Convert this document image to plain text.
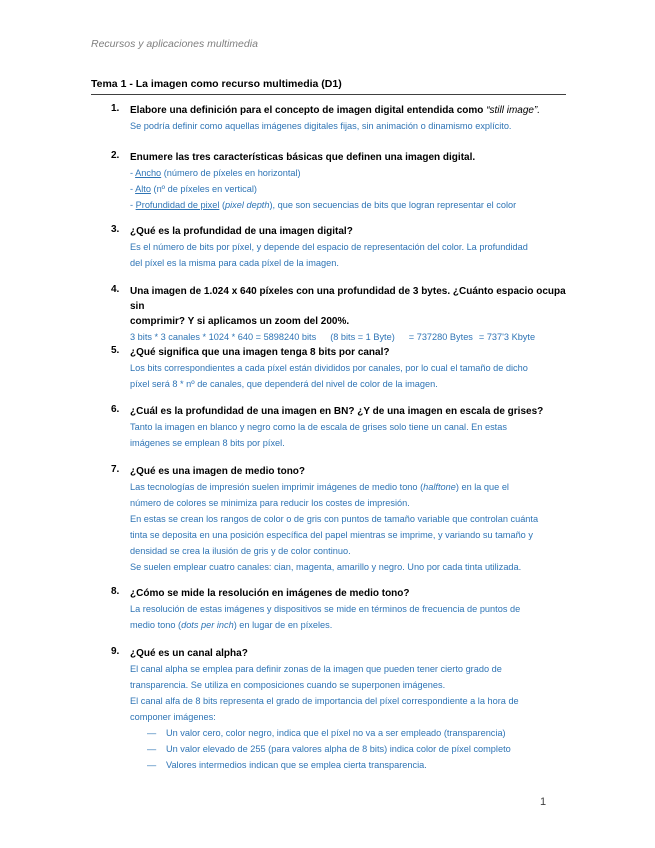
Recursos y aplicaciones multimedia
Tema 1 - La imagen como recurso multimedia (D1)
1. Elabore una definición para el concepto de imagen digital entendida como “still image”.
Se podría definir como aquellas imágenes digitales fijas, sin animación o dinamismo explícito.
2. Enumere las tres características básicas que definen una imagen digital.
- Ancho (número de píxeles en horizontal)
- Alto (nº de píxeles en vertical)
- Profundidad de pixel (pixel depth), que son secuencias de bits que logran representar el color
3. ¿Qué es la profundidad de una imagen digital?
Es el número de bits por píxel, y depende del espacio de representación del color. La profundidad
del píxel es la misma para cada píxel de la imagen.
4. Una imagen de 1.024 x 640 píxeles con una profundidad de 3 bytes. ¿Cuánto espacio ocupa sin
comprimir? Y si aplicamos un zoom del 200%.
3 bits * 3 canales * 1024 * 640 = 5898240 bits (8 bits = 1 Byte) = 737280 Bytes = 737'3 Kbyte
5. ¿Qué significa que una imagen tenga 8 bits por canal?
Los bits correspondientes a cada píxel están divididos por canales, por lo cual el tamaño de dicho
píxel será 8 * nº de canales, que dependerá del nivel de color de la imagen.
6. ¿Cuál es la profundidad de una imagen en BN? ¿Y de una imagen en escala de grises?
Tanto la imagen en blanco y negro como la de escala de grises solo tiene un canal. En estas
imágenes se emplean 8 bits por píxel.
7. ¿Qué es una imagen de medio tono?
Las tecnologías de impresión suelen imprimir imágenes de medio tono (halftone) en la que el
número de colores se minimiza para reducir los costes de impresión.
En estas se crean los rangos de color o de gris con puntos de tamaño variable que controlan cuánta
tinta se deposita en una posición específica del papel mientras se imprime, y variando su tamaño y
densidad se crea la ilusión de gris y de color continuo.
Se suelen emplear cuatro canales: cian, magenta, amarillo y negro. Uno por cada tinta utilizada.
8. ¿Cómo se mide la resolución en imágenes de medio tono?
La resolución de estas imágenes y dispositivos se mide en términos de frecuencia de puntos de
medio tono (dots per inch) en lugar de en píxeles.
9. ¿Qué es un canal alpha?
El canal alpha se emplea para definir zonas de la imagen que pueden tener cierto grado de
transparencia. Se utiliza en composiciones cuando se superponen imágenes.
El canal alfa de 8 bits representa el grado de importancia del píxel correspondiente a la hora de
componer imágenes:
— Un valor cero, color negro, indica que el píxel no va a ser empleado (transparencia)
— Un valor elevado de 255 (para valores alpha de 8 bits) indica color de píxel completo
— Valores intermedios indican que se emplea cierta transparencia.
1
